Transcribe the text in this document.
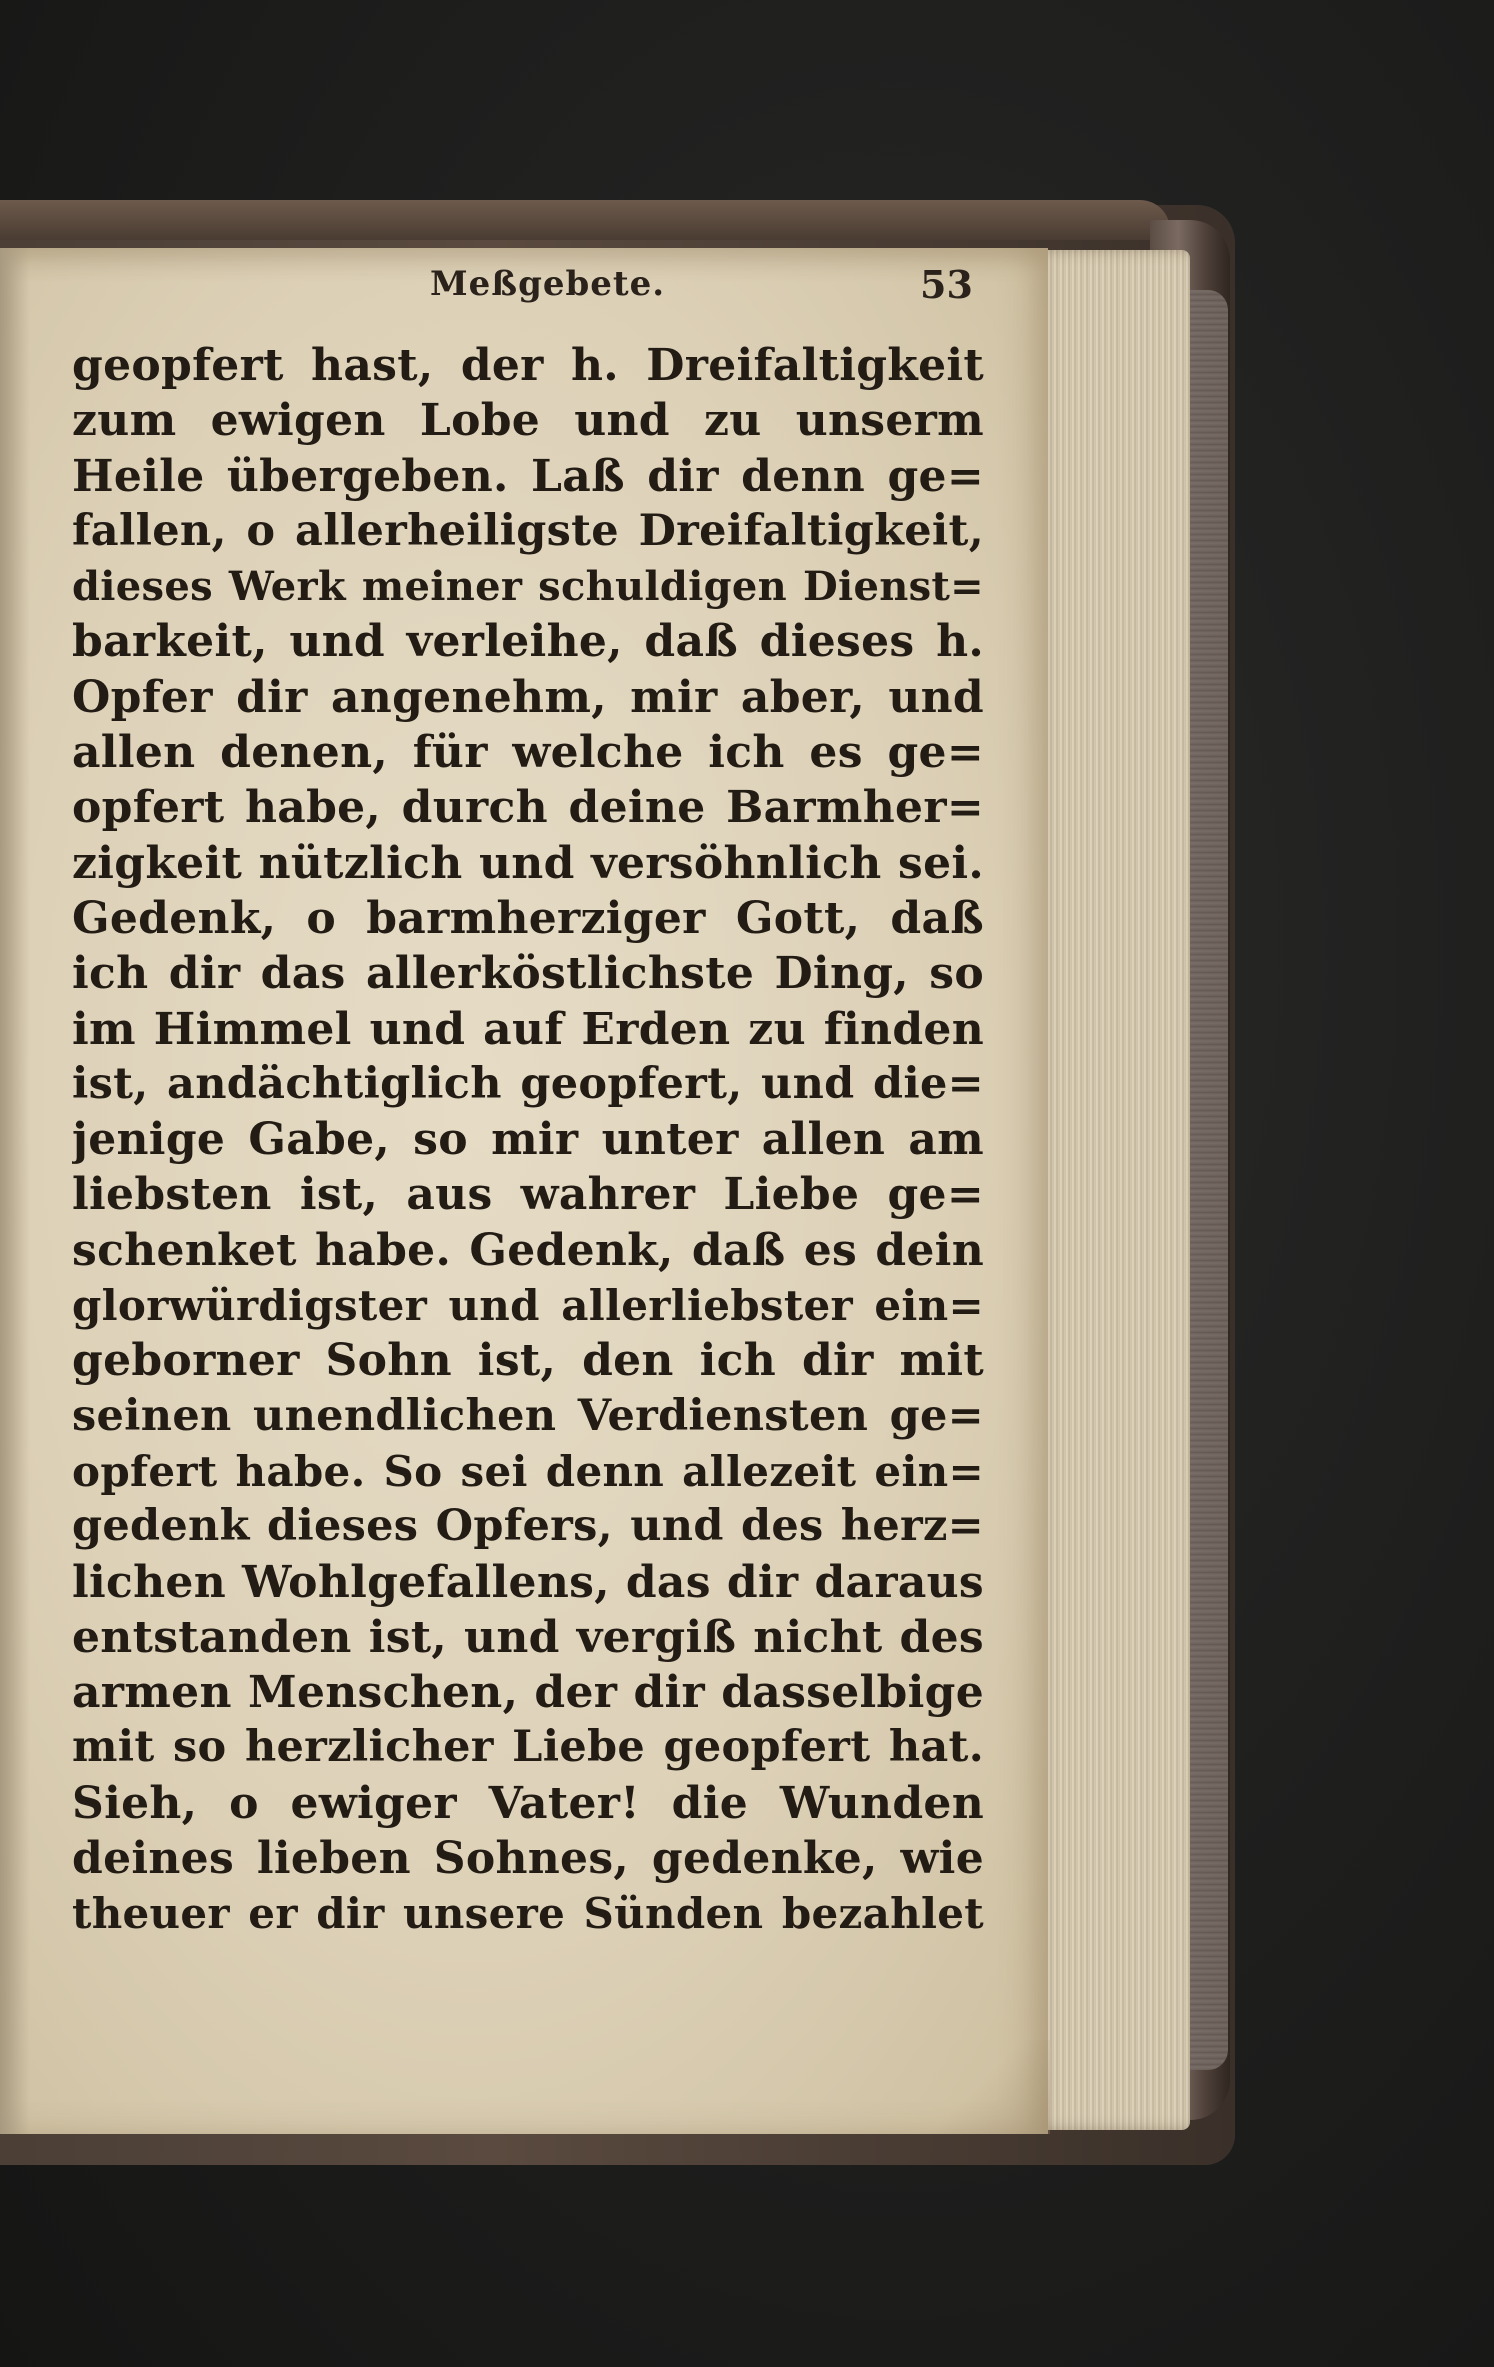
Meßgebete.	53
geopfert hast, der h. Dreifaltigkeit
zum ewigen Lobe und zu unserm
Heile übergeben. Laß dir denn ge=
fallen, o allerheiligste Dreifaltigkeit,
dieses Werk meiner schuldigen Dienst=
barkeit, und verleihe, daß dieses h.
Opfer dir angenehm, mir aber, und
allen denen, für welche ich es ge=
opfert habe, durch deine Barmher=
zigkeit nützlich und versöhnlich sei.
Gedenk, o barmherziger Gott, daß
ich dir das allerköstlichste Ding, so
im Himmel und auf Erden zu finden
ist, andächtiglich geopfert, und die=
jenige Gabe, so mir unter allen am
liebsten ist, aus wahrer Liebe ge=
schenket habe. Gedenk, daß es dein
glorwürdigster und allerliebster ein=
geborner Sohn ist, den ich dir mit
seinen unendlichen Verdiensten ge=
opfert habe. So sei denn allezeit ein=
gedenk dieses Opfers, und des herz=
lichen Wohlgefallens, das dir daraus
entstanden ist, und vergiß nicht des
armen Menschen, der dir dasselbige
mit so herzlicher Liebe geopfert hat.
Sieh, o ewiger Vater! die Wunden
deines lieben Sohnes, gedenke, wie
theuer er dir unsere Sünden bezahlet
